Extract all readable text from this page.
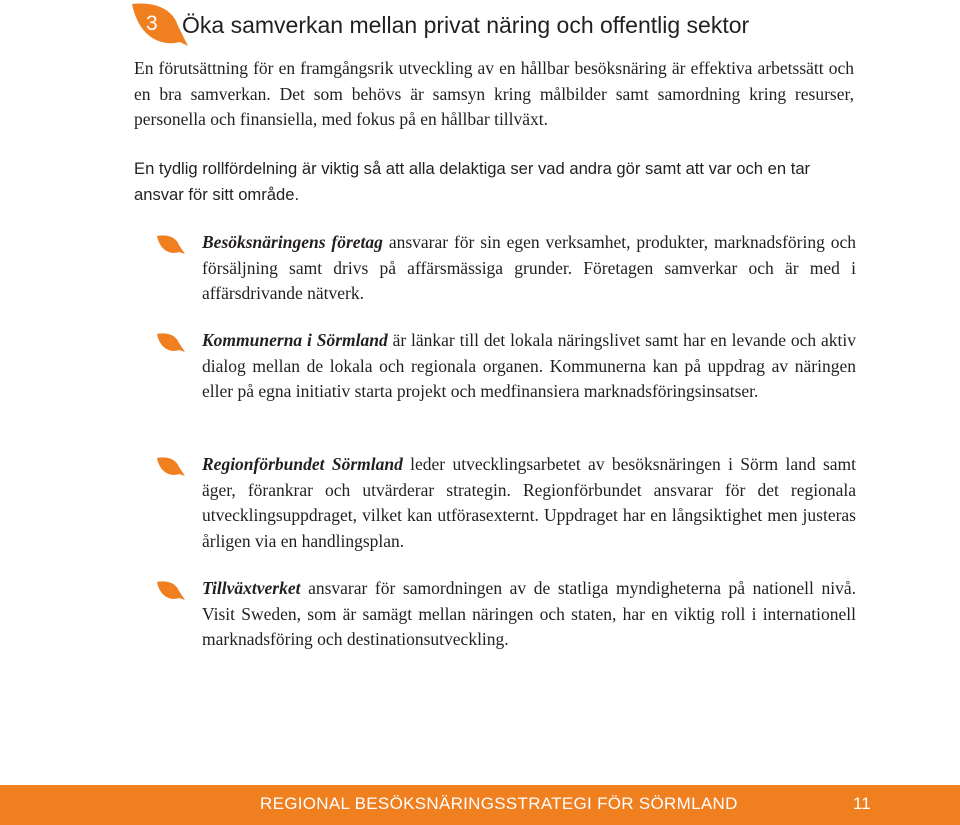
3 Öka samverkan mellan privat näring och offentlig sektor

En förutsättning för en framgångsrik utveckling av en hållbar besöksnäring är effektiva arbetssätt och en bra samverkan. Det som behövs är samsyn kring målbilder samt samordning kring resurser, personella och finansiella, med fokus på en hållbar tillväxt.

En tydlig rollfördelning är viktig så att alla delaktiga ser vad andra gör samt att var och en tar ansvar för sitt område.

Besöksnäringens företag ansvarar för sin egen verksamhet, produkter, marknadsföring och försäljning samt drivs på affärsmässiga grunder. Företagen samverkar och är med i affärsdrivande nätverk.

Kommunerna i Sörmland är länkar till det lokala näringslivet samt har en levande och aktiv dialog mellan de lokala och regionala organen. Kommunerna kan på uppdrag av näringen eller på egna initiativ starta projekt och medfinansiera marknadsföringsinsatser.

Regionförbundet Sörmland leder utvecklingsarbetet av besöksnäringen i Sörm land samt äger, förankrar och utvärderar strategin. Regionförbundet ansvarar för det regionala utvecklingsuppdraget, vilket kan utförasexternt. Uppdraget har en långsiktighet men justeras årligen via en handlingsplan.

Tillväxtverket ansvarar för samordningen av de statliga myndigheterna på nationell nivå. Visit Sweden, som är samägt mellan näringen och staten, har en viktig roll i internationell marknadsföring och destinationsutveckling.

REGIONAL BESÖKSNÄRINGSSTRATEGI FÖR SÖRMLAND	11
